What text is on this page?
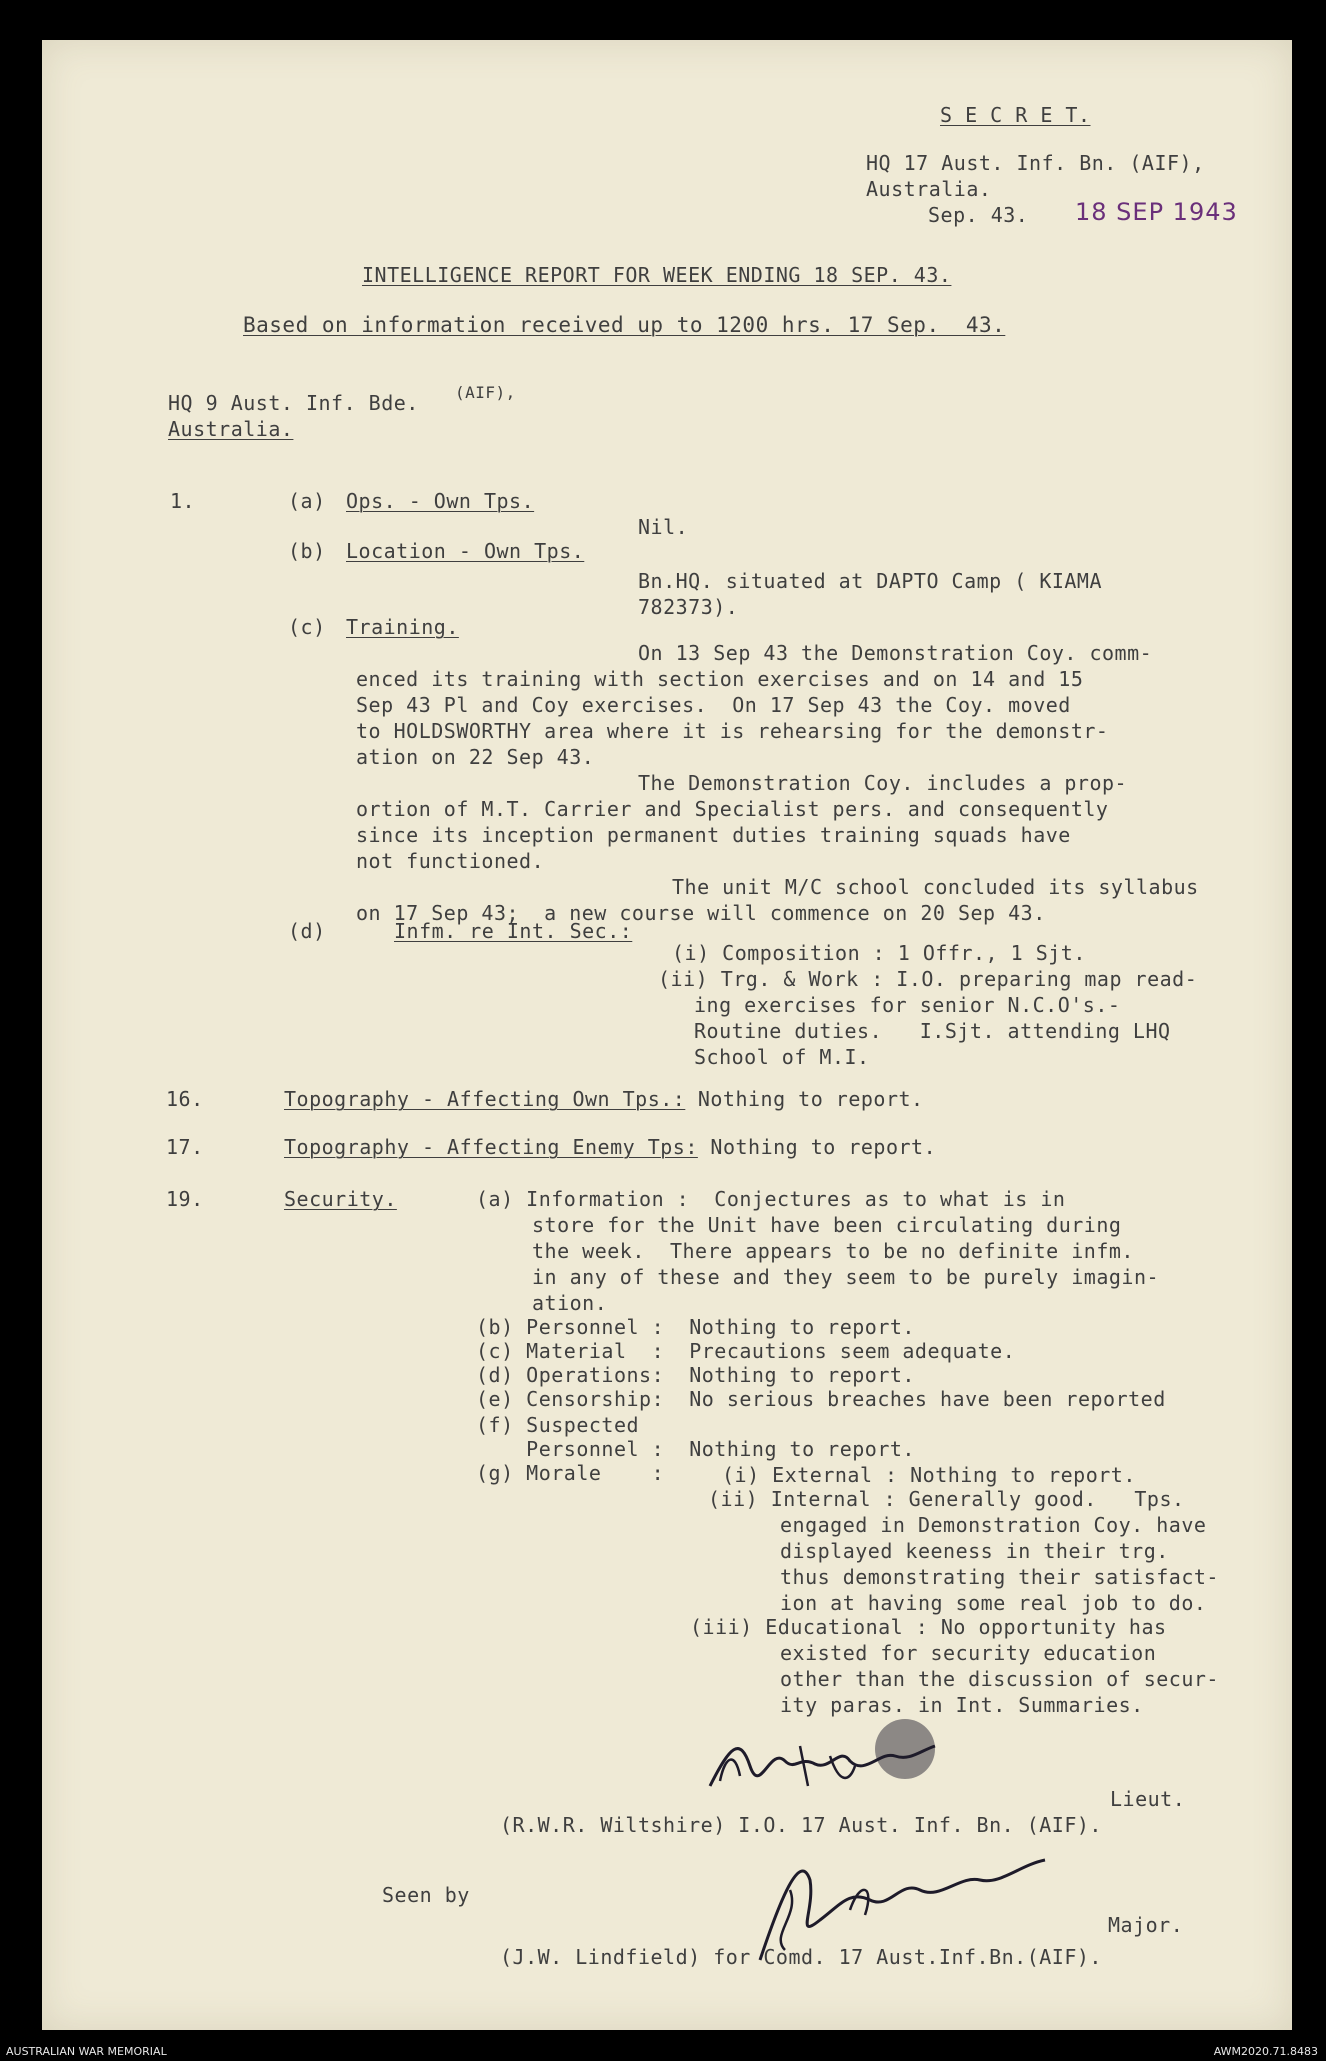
S E C R E T.
HQ 17 Aust. Inf. Bn. (AIF),
Australia.
Sep. 43. 18 SEP 1943
INTELLIGENCE REPORT FOR WEEK ENDING 18 SEP. 43.
Based on information received up to 1200 hrs. 17 Sep.  43.
HQ 9 Aust. Inf. Bde. (AIF),
Australia.
1.	(a) Ops. - Own Tps.
Nil.
(b) Location - Own Tps.
Bn.HQ. situated at DAPTO Camp ( KIAMA
782373).
(c) Training.
On 13 Sep 43 the Demonstration Coy. comm-
enced its training with section exercises and on 14 and 15
Sep 43 Pl and Coy exercises.  On 17 Sep 43 the Coy. moved
to HOLDSWORTHY area where it is rehearsing for the demonstr-
ation on 22 Sep 43.
The Demonstration Coy. includes a prop-
ortion of M.T. Carrier and Specialist pers. and consequently
since its inception permanent duties training squads have
not functioned.
The unit M/C school concluded its syllabus
on 17 Sep 43;  a new course will commence on 20 Sep 43.
(d)	Infm. re Int. Sec.:
(i) Composition : 1 Offr., 1 Sjt.
(ii) Trg. & Work : I.O. preparing map read-
ing exercises for senior N.C.O's.-
Routine duties.   I.Sjt. attending LHQ
School of M.I.
16.	Topography - Affecting Own Tps.: Nothing to report.
17.	Topography - Affecting Enemy Tps: Nothing to report.
19.	Security.	(a) Information :  Conjectures as to what is in
store for the Unit have been circulating during
the week.  There appears to be no definite infm.
in any of these and they seem to be purely imagin-
ation.
(b) Personnel :  Nothing to report.
(c) Material  :  Precautions seem adequate.
(d) Operations:  Nothing to report.
(e) Censorship:  No serious breaches have been reported
(f) Suspected
Personnel :  Nothing to report.
(g) Morale    :	(i) External : Nothing to report.
(ii) Internal : Generally good.   Tps.
engaged in Demonstration Coy. have
displayed keeness in their trg.
thus demonstrating their satisfact-
ion at having some real job to do.
(iii) Educational : No opportunity has
existed for security education
other than the discussion of secur-
ity paras. in Int. Summaries.
Lieut.
(R.W.R. Wiltshire) I.O. 17 Aust. Inf. Bn. (AIF).
Seen by
Major.
(J.W. Lindfield) for Comd. 17 Aust.Inf.Bn.(AIF).
AUSTRALIAN WAR MEMORIAL	AWM2020.71.8483
